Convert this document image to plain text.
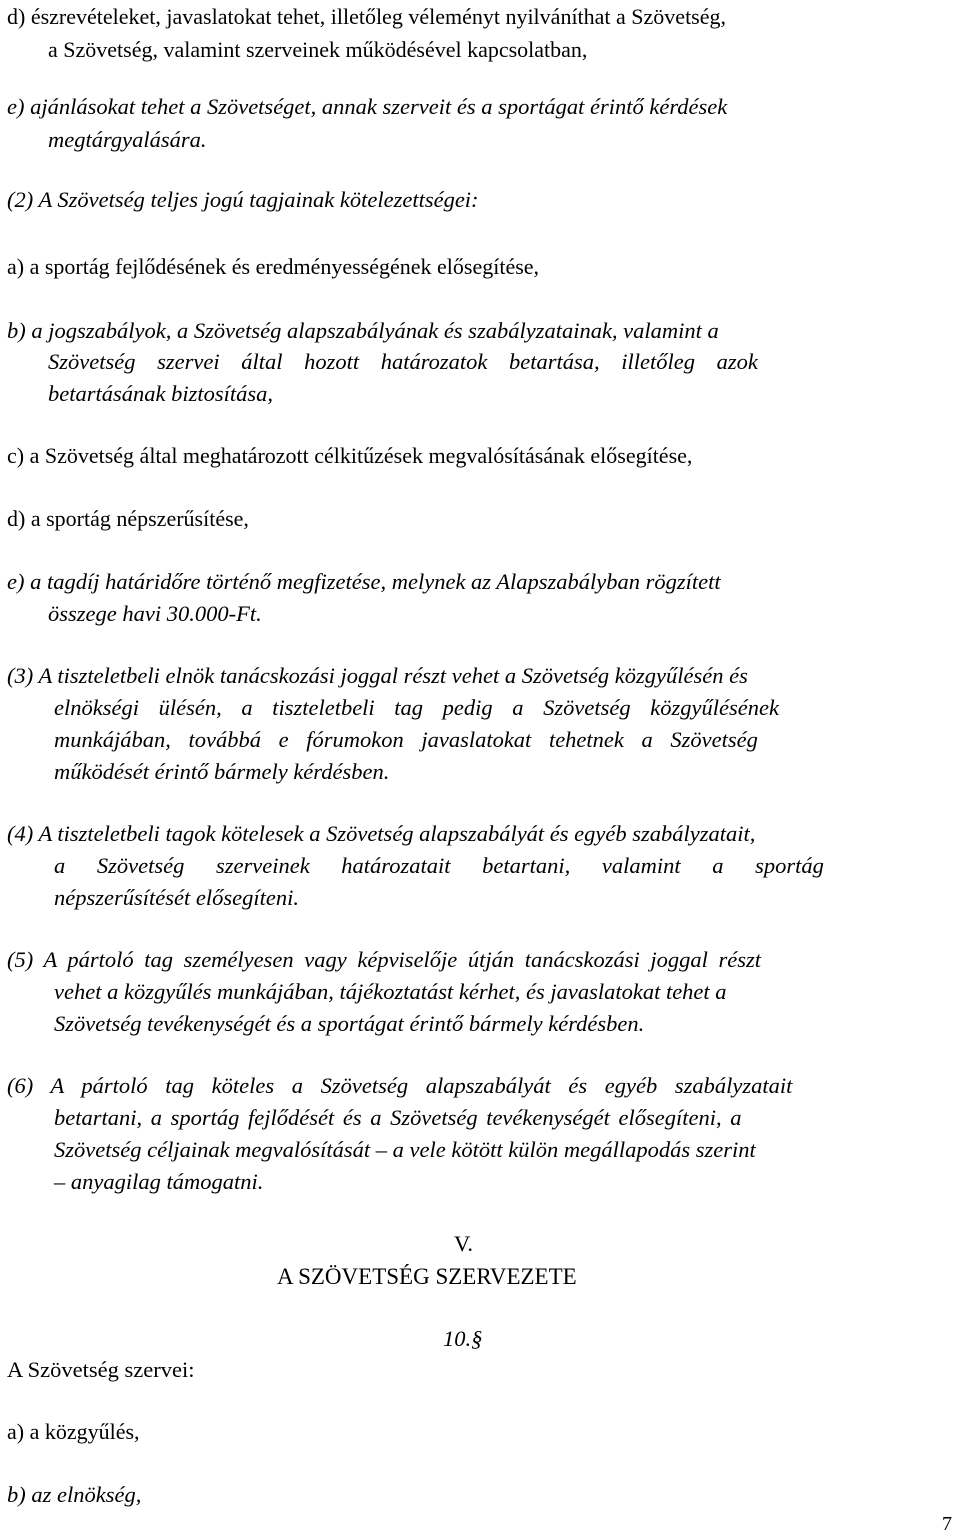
d) észrevételeket, javaslatokat tehet, illetőleg véleményt nyilváníthat a Szövetség,
a Szövetség, valamint szerveinek működésével kapcsolatban,
e) ajánlásokat tehet a Szövetséget, annak szerveit és a sportágat érintő kérdések
megtárgyalására.
(2) A Szövetség teljes jogú tagjainak kötelezettségei:
a) a sportág fejlődésének és eredményességének elősegítése,
b) a jogszabályok, a Szövetség alapszabályának és szabályzatainak, valamint a
Szövetség szervei által hozott határozatok betartása, illetőleg azok
betartásának biztosítása,
c) a Szövetség által meghatározott célkitűzések megvalósításának elősegítése,
d) a sportág népszerűsítése,
e) a tagdíj határidőre történő megfizetése, melynek az Alapszabályban rögzített
összege havi 30.000-Ft.
(3) A tiszteletbeli elnök tanácskozási joggal részt vehet a Szövetség közgyűlésén és
elnökségi ülésén, a tiszteletbeli tag pedig a Szövetség közgyűlésének
munkájában, továbbá e fórumokon javaslatokat tehetnek a Szövetség
működését érintő bármely kérdésben.
(4) A tiszteletbeli tagok kötelesek a Szövetség alapszabályát és egyéb szabályzatait,
a Szövetség szerveinek határozatait betartani, valamint a sportág
népszerűsítését elősegíteni.
(5) A pártoló tag személyesen vagy képviselője útján tanácskozási joggal részt
vehet a közgyűlés munkájában, tájékoztatást kérhet, és javaslatokat tehet a
Szövetség tevékenységét és a sportágat érintő bármely kérdésben.
(6) A pártoló tag köteles a Szövetség alapszabályát és egyéb szabályzatait
betartani, a sportág fejlődését és a Szövetség tevékenységét elősegíteni, a
Szövetség céljainak megvalósítását – a vele kötött külön megállapodás szerint
– anyagilag támogatni.
V.
A SZÖVETSÉG SZERVEZETE
10.§
A Szövetség szervei:
a) a közgyűlés,
b) az elnökség,
7
